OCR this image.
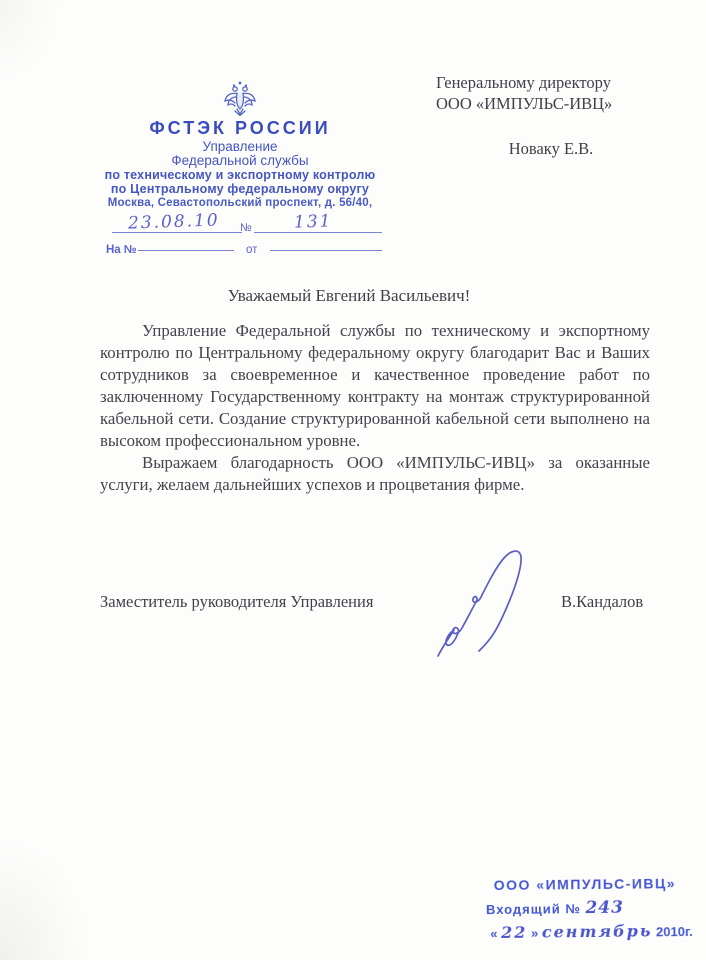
ФСТЭК РОССИИ
Управление
Федеральной службы
по техническому и экспортному контролю
по Центральному федеральному округу
Москва, Севастопольский проспект, д. 56/40,
23.08.10 № 131
На №	от
Генеральному директору
ООО «ИМПУЛЬС-ИВЦ»
Новаку Е.В.
Уважаемый Евгений Васильевич!

Управление Федеральной службы по техническому и экспортному контролю по Центральному федеральному округу благодарит Вас и Ваших сотрудников за своевременное и качественное проведение работ по заключенному Государственному контракту на монтаж структурированной кабельной сети. Создание структурированной кабельной сети выполнено на высоком профессиональном уровне.

Выражаем благодарность ООО «ИМПУЛЬС-ИВЦ» за оказанные услуги, желаем дальнейших успехов и процветания фирме.

Заместитель руководителя Управления	В.Кандалов
ООО «ИМПУЛЬС-ИВЦ»
Входящий № 243
« 22 » сентябрь 2010г.
